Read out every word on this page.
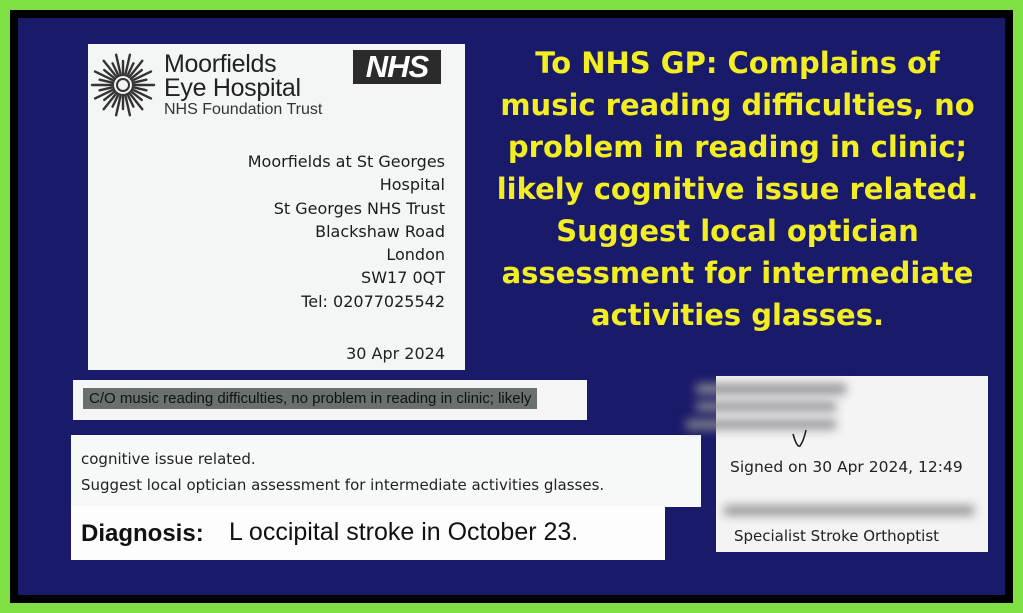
Moorfields
Eye Hospital
NHS Foundation Trust
NHS
Moorfields at St Georges
Hospital
St Georges NHS Trust
Blackshaw Road
London
SW17 0QT
Tel: 02077025542
30 Apr 2024
To NHS GP: Complains of
music reading difficulties, no
problem in reading in clinic;
likely cognitive issue related.
Suggest local optician
assessment for intermediate
activities glasses.
C/O music reading difficulties, no problem in reading in clinic; likely
cognitive issue related.
Suggest local optician assessment for intermediate activities glasses.
Diagnosis: L occipital stroke in October 23.
Signed on 30 Apr 2024, 12:49
Specialist Stroke Orthoptist
